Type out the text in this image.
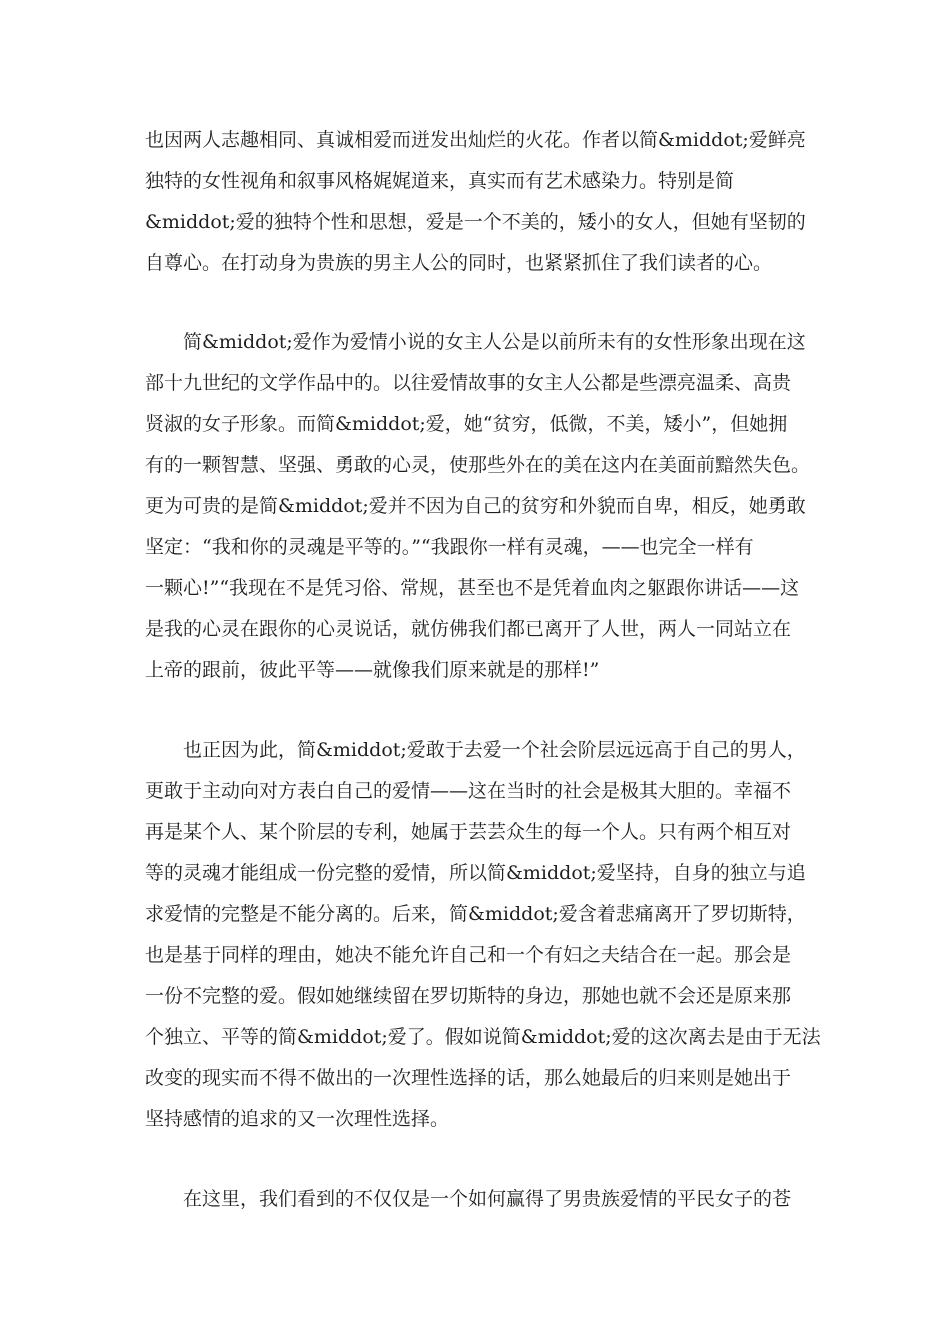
也因两人志趣相同、真诚相爱而迸发出灿烂的火花。作者以简&middot;爱鲜亮
独特的女性视角和叙事风格娓娓道来，真实而有艺术感染力。特别是简
&middot;爱的独特个性和思想，爱是一个不美的，矮小的女人，但她有坚韧的
自尊心。在打动身为贵族的男主人公的同时，也紧紧抓住了我们读者的心。
简&middot;爱作为爱情小说的女主人公是以前所未有的女性形象出现在这
部十九世纪的文学作品中的。以往爱情故事的女主人公都是些漂亮温柔、高贵
贤淑的女子形象。而简&middot;爱，她“贫穷，低微，不美，矮小”，但她拥
有的一颗智慧、坚强、勇敢的心灵，使那些外在的美在这内在美面前黯然失色。
更为可贵的是简&middot;爱并不因为自己的贫穷和外貌而自卑，相反，她勇敢
坚定：“我和你的灵魂是平等的。”“我跟你一样有灵魂，——也完全一样有
一颗心!”“我现在不是凭习俗、常规，甚至也不是凭着血肉之躯跟你讲话——这
是我的心灵在跟你的心灵说话，就仿佛我们都已离开了人世，两人一同站立在
上帝的跟前，彼此平等——就像我们原来就是的那样!”
也正因为此，简&middot;爱敢于去爱一个社会阶层远远高于自己的男人，
更敢于主动向对方表白自己的爱情——这在当时的社会是极其大胆的。幸福不
再是某个人、某个阶层的专利，她属于芸芸众生的每一个人。只有两个相互对
等的灵魂才能组成一份完整的爱情，所以简&middot;爱坚持，自身的独立与追
求爱情的完整是不能分离的。后来，简&middot;爱含着悲痛离开了罗切斯特，
也是基于同样的理由，她决不能允许自己和一个有妇之夫结合在一起。那会是
一份不完整的爱。假如她继续留在罗切斯特的身边，那她也就不会还是原来那
个独立、平等的简&middot;爱了。假如说简&middot;爱的这次离去是由于无法
改变的现实而不得不做出的一次理性选择的话，那么她最后的归来则是她出于
坚持感情的追求的又一次理性选择。
在这里，我们看到的不仅仅是一个如何赢得了男贵族爱情的平民女子的苍
